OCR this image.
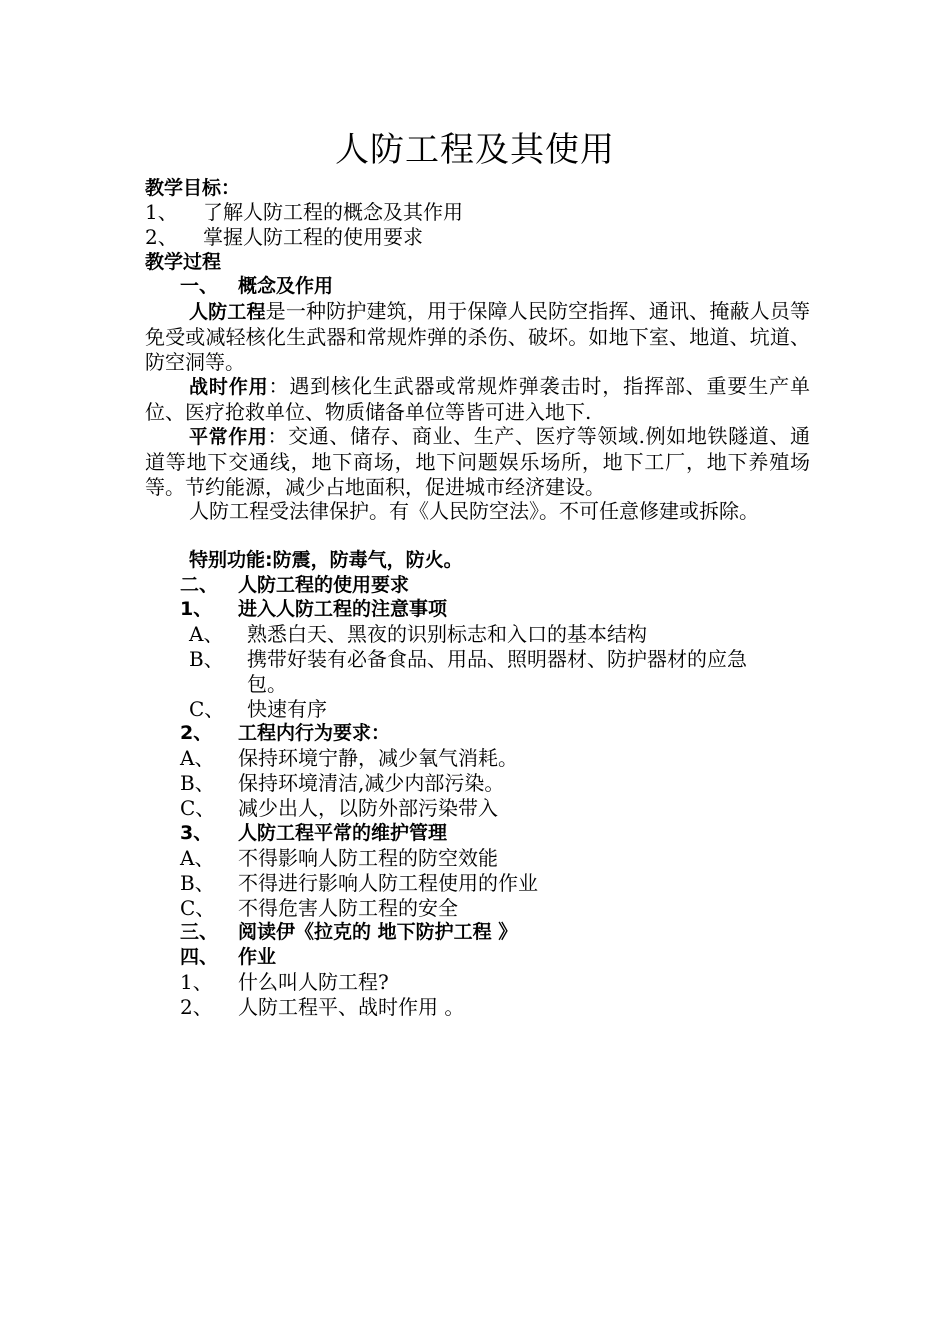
人防工程及其使用
教学目标：
1、 了解人防工程的概念及其作用
2、 掌握人防工程的使用要求
教学过程
一、 概念及作用
人防工程是一种防护建筑，用于保障人民防空指挥、通讯、掩蔽人员等免受或减轻核化生武器和常规炸弹的杀伤、破坏。如地下室、地道、坑道、防空洞等。
战时作用：遇到核化生武器或常规炸弹袭击时，指挥部、重要生产单位、医疗抢救单位、物质储备单位等皆可进入地下.
平常作用：交通、储存、商业、生产、医疗等领域.例如地铁隧道、通道等地下交通线，地下商场，地下问题娱乐场所，地下工厂，地下养殖场等。节约能源，减少占地面积，促进城市经济建设。
人防工程受法律保护。有《人民防空法》。不可任意修建或拆除。
特别功能:防震，防毒气，防火。
二、 人防工程的使用要求
1、 进入人防工程的注意事项
A、 熟悉白天、黑夜的识别标志和入口的基本结构
B、 携带好装有必备食品、用品、照明器材、防护器材的应急
包。
C、 快速有序
2、 工程内行为要求：
A、 保持环境宁静，减少氧气消耗。
B、 保持环境清洁,减少内部污染。
C、 减少出人，以防外部污染带入
3、 人防工程平常的维护管理
A、 不得影响人防工程的防空效能
B、 不得进行影响人防工程使用的作业
C、 不得危害人防工程的安全
三、 阅读伊《拉克的 地下防护工程 》
四、 作业
1、 什么叫人防工程?
2、 人防工程平、战时作用 。
